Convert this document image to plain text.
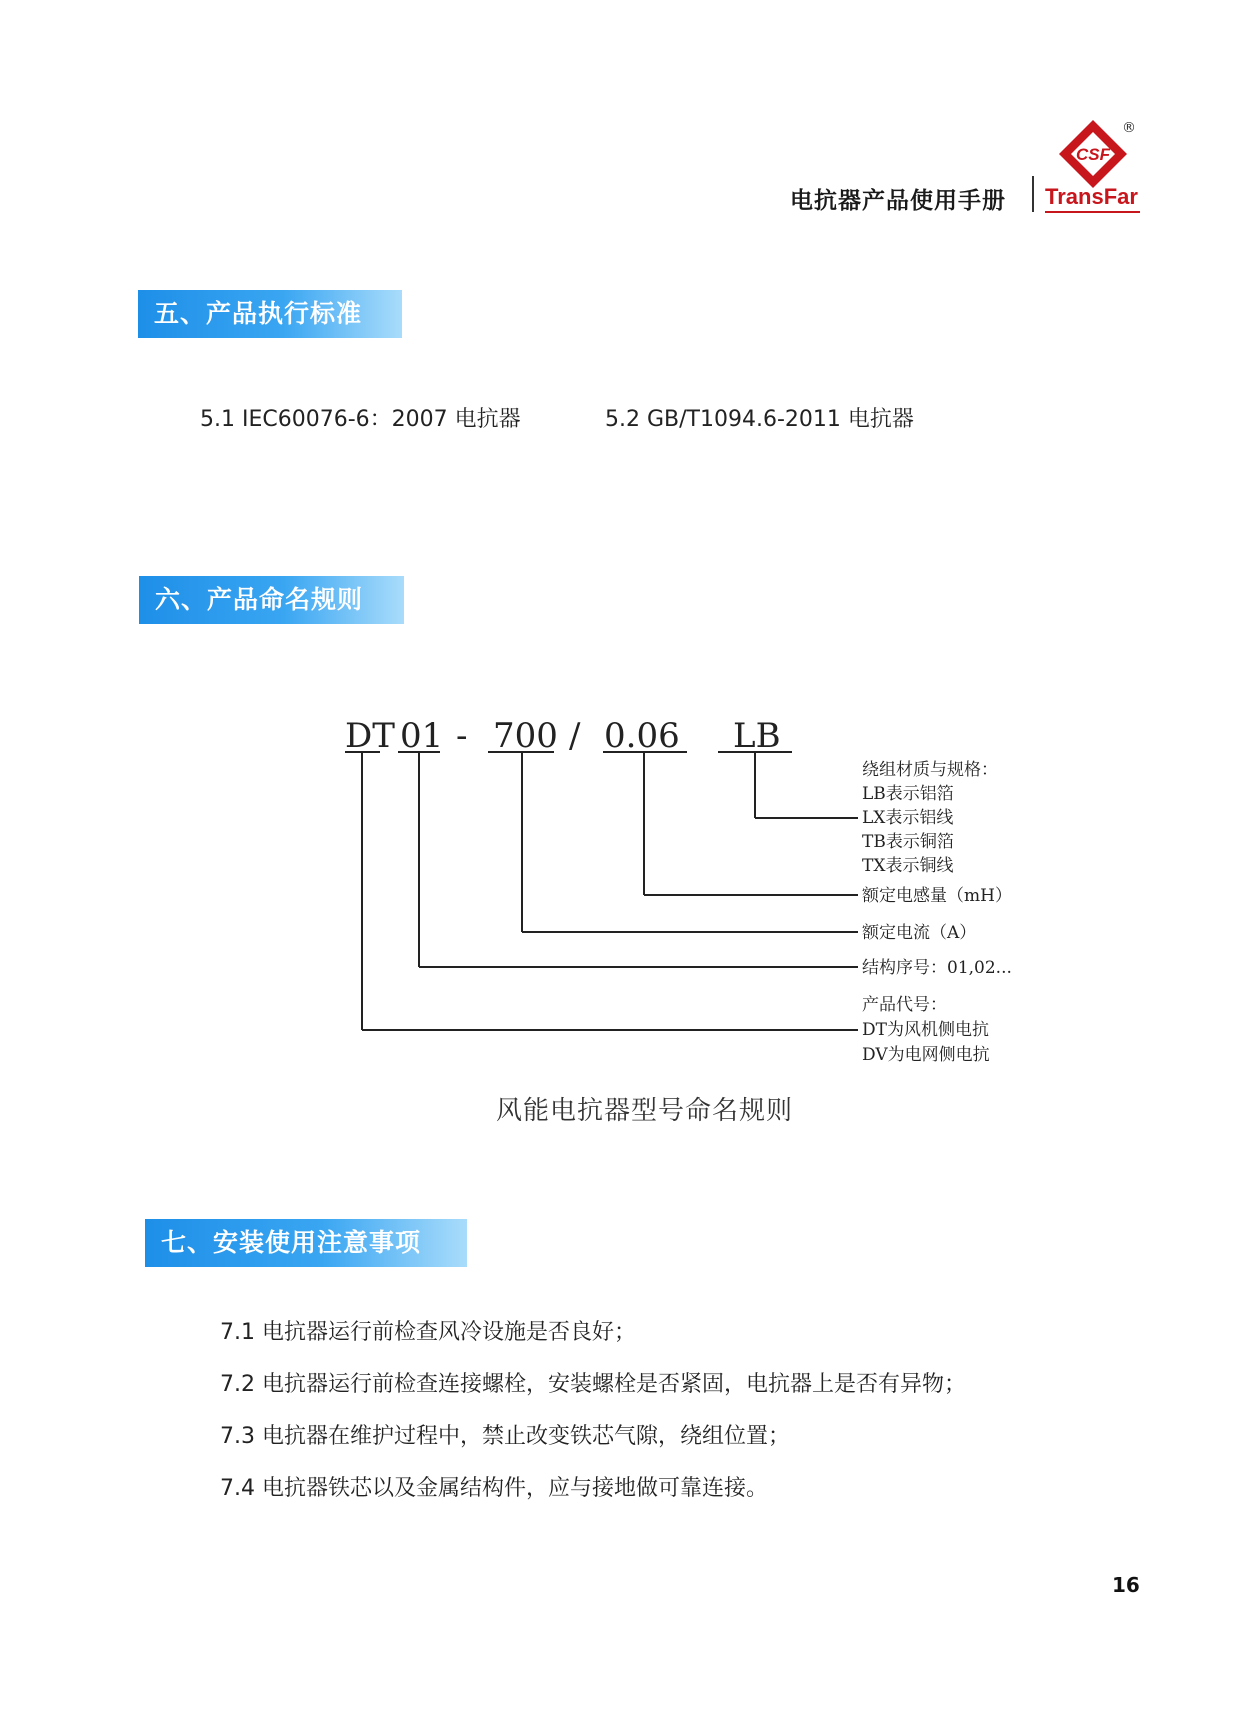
电抗器产品使用手册
CSF
®
TransFar
五、产品执行标准
5.1 IEC60076-6：2007 电抗器	5.2 GB/T1094.6-2011 电抗器
六、产品命名规则
DT 01 - 700 / 0.06 LB
绕组材质与规格：
LB表示铝箔
LX表示铝线
TB表示铜箔
TX表示铜线
额定电感量（mH）
额定电流（A）
结构序号：01,02...
产品代号：
DT为风机侧电抗
DV为电网侧电抗
风能电抗器型号命名规则
七、安装使用注意事项
7.1 电抗器运行前检查风冷设施是否良好；
7.2 电抗器运行前检查连接螺栓，安装螺栓是否紧固，电抗器上是否有异物；
7.3 电抗器在维护过程中，禁止改变铁芯气隙，绕组位置；
7.4 电抗器铁芯以及金属结构件，应与接地做可靠连接。
16
